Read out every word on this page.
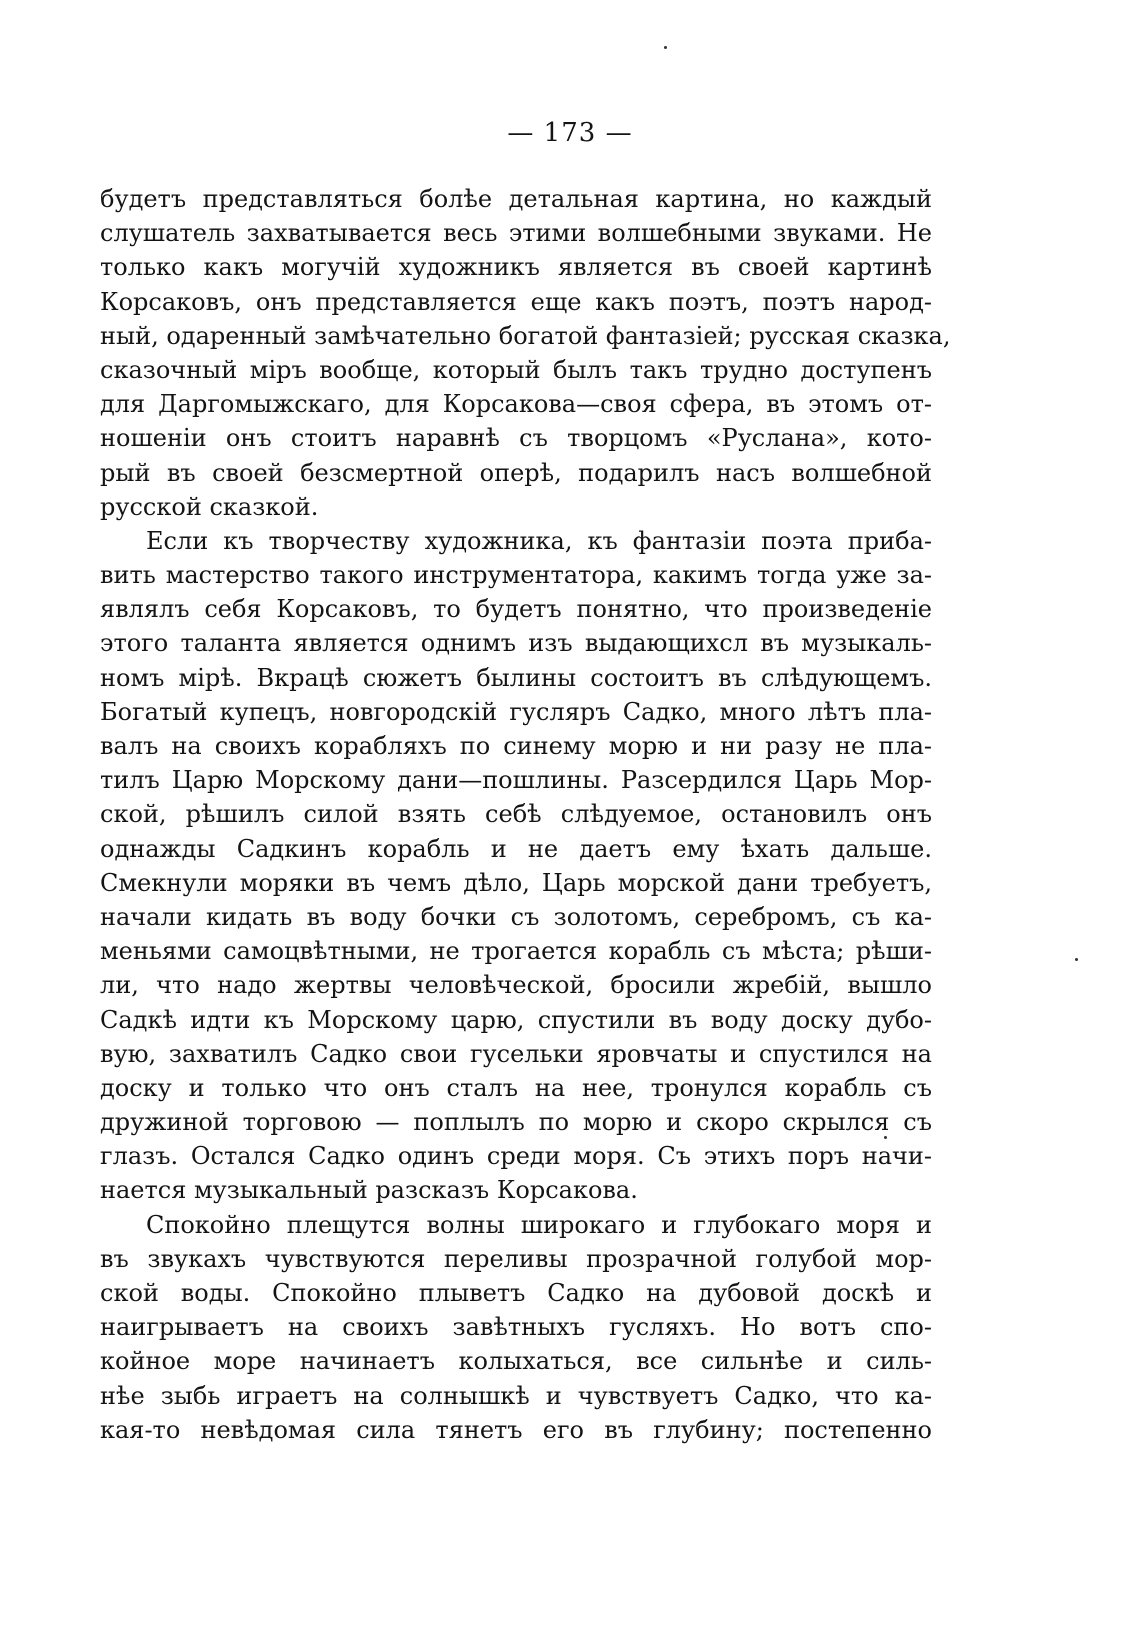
— 173 —
будетъ представляться болѣе детальная картина, но каждый
слушатель захватывается весь этими волшебными звуками. Не
только какъ могучій художникъ является въ своей картинѣ
Корсаковъ, онъ представляется еще какъ поэтъ, поэтъ народ-
ный, одаренный замѣчательно богатой фантазіей; русская сказка,
сказочный міръ вообще, который былъ такъ трудно доступенъ
для Даргомыжскаго, для Корсакова—своя сфера, въ этомъ от-
ношеніи онъ стоитъ наравнѣ съ творцомъ «Руслана», кото-
рый въ своей безсмертной оперѣ, подарилъ насъ волшебной
русской сказкой.
Если къ творчеству художника, къ фантазіи поэта приба-
вить мастерство такого инструментатора, какимъ тогда уже за-
являлъ себя Корсаковъ, то будетъ понятно, что произведеніе
этого таланта является однимъ изъ выдающихсл въ музыкаль-
номъ мірѣ. Вкрацѣ сюжетъ былины состоитъ въ слѣдующемъ.
Богатый купецъ, новгородскій гусляръ Садко, много лѣтъ пла-
валъ на своихъ корабляхъ по синему морю и ни разу не пла-
тилъ Царю Морскому дани—пошлины. Разсердился Царь Мор-
ской, рѣшилъ силой взять себѣ слѣдуемое, остановилъ онъ
однажды Садкинъ корабль и не даетъ ему ѣхать дальше.
Смекнули моряки въ чемъ дѣло, Царь морской дани требуетъ,
начали кидать въ воду бочки съ золотомъ, серебромъ, съ ка-
меньями самоцвѣтными, не трогается корабль съ мѣста; рѣши-
ли, что надо жертвы человѣческой, бросили жребій, вышло
Садкѣ идти къ Морскому царю, спустили въ воду доску дубо-
вую, захватилъ Садко свои гусельки яровчаты и спустился на
доску и только что онъ сталъ на нее, тронулся корабль съ
дружиной торговою — поплылъ по морю и скоро скрылся съ
глазъ. Остался Садко одинъ среди моря. Съ этихъ поръ начи-
нается музыкальный разсказъ Корсакова.
Спокойно плещутся волны широкаго и глубокаго моря и
въ звукахъ чувствуются переливы прозрачной голубой мор-
ской воды. Спокойно плыветъ Садко на дубовой доскѣ и
наигрываетъ на своихъ завѣтныхъ гусляхъ. Но вотъ спо-
койное море начинаетъ колыхаться, все сильнѣе и силь-
нѣе зыбь играетъ на солнышкѣ и чувствуетъ Садко, что ка-
кая-то невѣдомая сила тянетъ его въ глубину; постепенно
